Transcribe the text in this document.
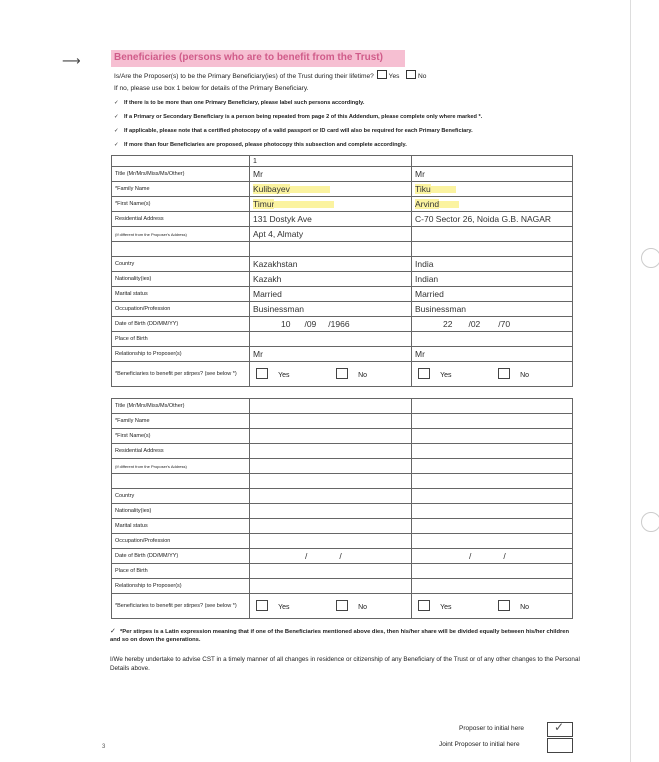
⟶	Beneficiaries (persons who are to benefit from the Trust)
Is/Are the Proposer(s) to be the Primary Beneficiary(ies) of the Trust during their lifetime? Yes	No
If no, please use box 1 below for details of the Primary Beneficiary.
✓ If there is to be more than one Primary Beneficiary, please label such persons accordingly.
✓ If a Primary or Secondary Beneficiary is a person being repeated from page 2 of this Addendum, please complete only where marked *.
✓ If applicable, please note that a certified photocopy of a valid passport or ID card will also be required for each Primary Beneficiary.
✓ If more than four Beneficiaries are proposed, please photocopy this subsection and complete accordingly.
	1	
Title (Mr/Mrs/Miss/Ms/Other)	Mr	Mr
*Family Name	Kulibayev	Tiku
*First Name(s)	Timur	Arvind
Residential Address	131 Dostyk Ave	C-70 Sector 26, Noida G.B. NAGAR
(If different from the Proposer's Address)	Apt 4, Almaty	

Country	Kazakhstan	India
Nationality(ies)	Kazakh	Indian
Marital status	Married	Married
Occupation/Profession	Businessman	Businessman
Date of Birth (DD/MM/YY)	10 /09 /1966	22 /02 /70
Place of Birth		
Relationship to Proposer(s)	Mr	Mr
*Beneficiaries to benefit per stirpes? (see below *)	Yes No	Yes No
Title (Mr/Mrs/Miss/Ms/Other)		
*Family Name		
*First Name(s)		
Residential Address		
(If different from the Proposer's Address)		

Country		
Nationality(ies)		
Marital status		
Occupation/Profession		
Date of Birth (DD/MM/YY)	/ /	/ /
Place of Birth		
Relationship to Proposer(s)		
*Beneficiaries to benefit per stirpes? (see below *)	Yes No	Yes No
✓ *Per stirpes is a Latin expression meaning that if one of the Beneficiaries mentioned above dies, then his/her share will be divided equally between his/her children and so on down the generations.
I/We hereby undertake to advise CST in a timely manner of all changes in residence or citizenship of any Beneficiary of the Trust or of any other changes to the Personal Details above.
Proposer to initial here ✓
Joint Proposer to initial here
3
